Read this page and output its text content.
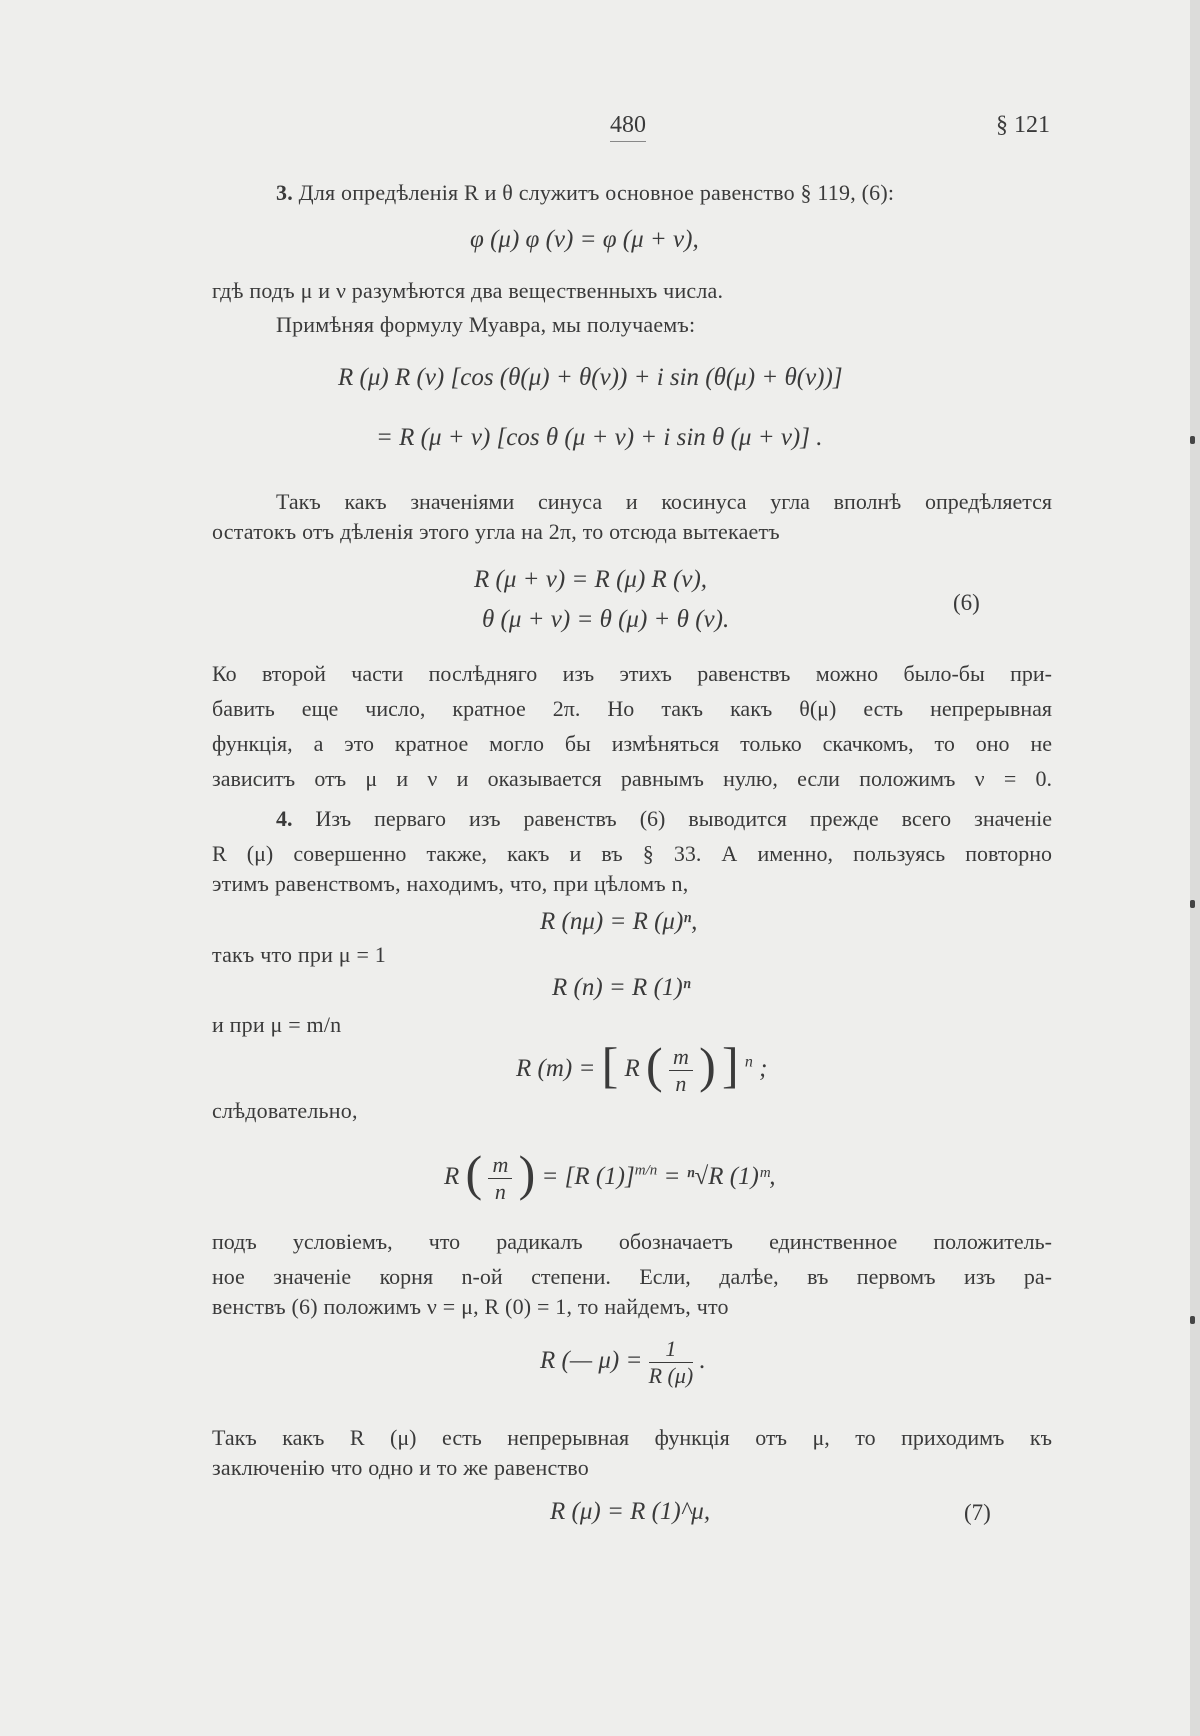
480	§ 121
3. Для опредѣленія R и θ служитъ основное равенство § 119, (6):
φ (μ) φ (ν) = φ (μ + ν),
гдѣ подъ μ и ν разумѣются два вещественныхъ числа.
Примѣняя формулу Муавра, мы получаемъ:
R (μ) R (ν) [cos (θ(μ) + θ(ν)) + i sin (θ(μ) + θ(ν))]
= R (μ + ν) [cos θ (μ + ν) + i sin θ (μ + ν)] .
Такъ какъ значеніями синуса и косинуса угла вполнѣ опредѣляется
остатокъ отъ дѣленія этого угла на 2π, то отсюда вытекаетъ
R (μ + ν) = R (μ) R (ν),
θ (μ + ν) = θ (μ) + θ (ν).
(6)
Ко второй части послѣдняго изъ этихъ равенствъ можно было-бы при-
бавить еще число, кратное 2π. Но такъ какъ θ(μ) есть непрерывная
функція, а это кратное могло бы измѣняться только скачкомъ, то оно не
зависитъ отъ μ и ν и оказывается равнымъ нулю, если положимъ ν = 0.
4. Изъ перваго изъ равенствъ (6) выводится прежде всего значеніе
R (μ) совершенно также, какъ и въ § 33. А именно, пользуясь повторно
этимъ равенствомъ, находимъ, что, при цѣломъ n,
R (nμ) = R (μ)ⁿ,
такъ что при μ = 1
R (n) = R (1)ⁿ
и при μ = m/n
R (m) = [ R ( $\frac{m}{n}$ ) ] $^n$ ;
слѣдовательно,
R ( $\frac{m}{n}$ ) = [R (1)]$^{m/n}$ = ⁿ√R (1)ᵐ,
подъ условіемъ, что радикалъ обозначаетъ единственное положитель-
ное значеніе корня n-ой степени. Если, далѣе, въ первомъ изъ ра-
венствъ (6) положимъ ν = μ, R (0) = 1, то найдемъ, что
R (— $\mu) = \frac{1}{R (\mu)}$ .
Такъ какъ R (μ) есть непрерывная функція отъ μ, то приходимъ къ
заключенію что одно и то же равенство
R (μ) = R (1)^μ,	(7)
